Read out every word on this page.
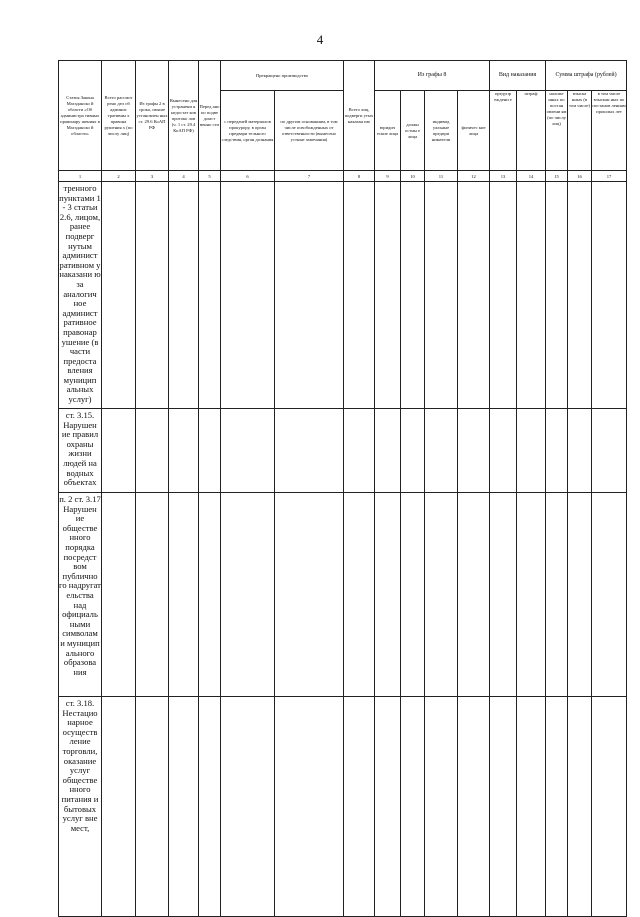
4
Статья Закона Магаданско й области «Об администра тивных правонару шениях в Магаданско й области»	Всего рассмот рено дел об админис тративны х правона рушения х (по числу лиц)	Из графы 2 в срока, свыше установлен ных ст. 29.6 КоАП РФ	Вынесено для устранени я недостат ков протоко лов (ч. 1 ст. 29.4 КоАП РФ)	Перед ано по подве домст венно сти	Прекращено производство		Всего лиц, подверги утых наказан ию	Из графы 8				Вид наказания		Сумма штрафа (рублей)		
					с передачей материалов прокурору, в орган предвари тельного следствия, орган дознания	по другим основаниям, в том числе освобожденных от ответственности (вынесено устные замечания)		юридич еские лица	должн остны е лица	индивид уальные предпри ниматели	физичес кие лица	предупр еждени е	штраф	наложе нных по постан овлени ям (по числу лиц)	взыска нных (в том числе)	в том числе взыскан ных по постанов лениям прошлых лет
1	2	3	4	5	6	7	8	9	10	11	12	13	14	15	16	17
тренного пунктами 1 - 3 статьи 2.6, лицом, ранее подверг нутым админист ративном у наказани ю за аналогич ное админист ративное правонар ушение (в части предоста вления муницип альных услуг)																
ст. 3.15. Нарушен ие правил охраны жизни людей на водных объектах																
п. 2 ст. 3.17 Нарушен ие обществе нного порядка посредст вом публично го надругат ельства над официаль ными символам и муницип ального образова ния																
ст. 3.18. Нестацио нарное осуществ ление торговли, оказание услуг обществе нного питания и бытовых услуг вне мест,																
